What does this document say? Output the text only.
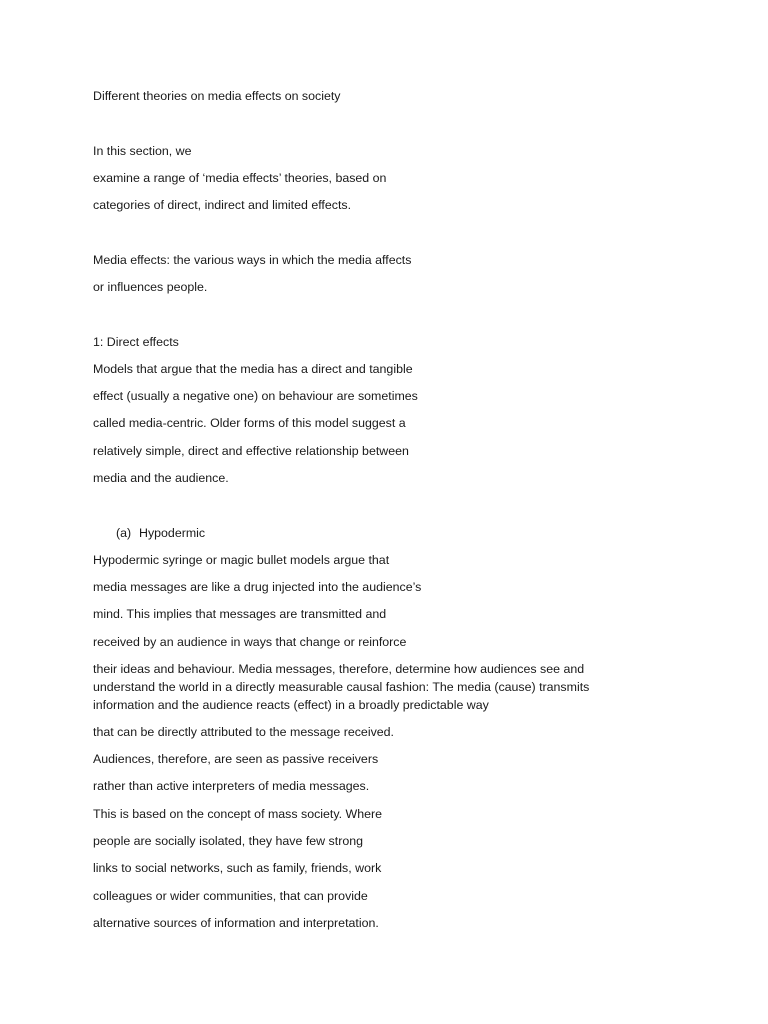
Different theories on media effects on society

In this section, we

examine a range of ‘media effects’ theories, based on

categories of direct, indirect and limited effects.

Media effects: the various ways in which the media affects

or influences people.

1: Direct effects

Models that argue that the media has a direct and tangible

effect (usually a negative one) on behaviour are sometimes

called media-centric. Older forms of this model suggest a

relatively simple, direct and effective relationship between

media and the audience.

(a) Hypodermic

Hypodermic syringe or magic bullet models argue that

media messages are like a drug injected into the audience’s

mind. This implies that messages are transmitted and

received by an audience in ways that change or reinforce

their ideas and behaviour. Media messages, therefore, determine how audiences see and

understand the world in a directly measurable causal fashion: The media (cause) transmits

information and the audience reacts (effect) in a broadly predictable way

that can be directly attributed to the message received.

Audiences, therefore, are seen as passive receivers

rather than active interpreters of media messages.

This is based on the concept of mass society. Where

people are socially isolated, they have few strong

links to social networks, such as family, friends, work

colleagues or wider communities, that can provide

alternative sources of information and interpretation.
